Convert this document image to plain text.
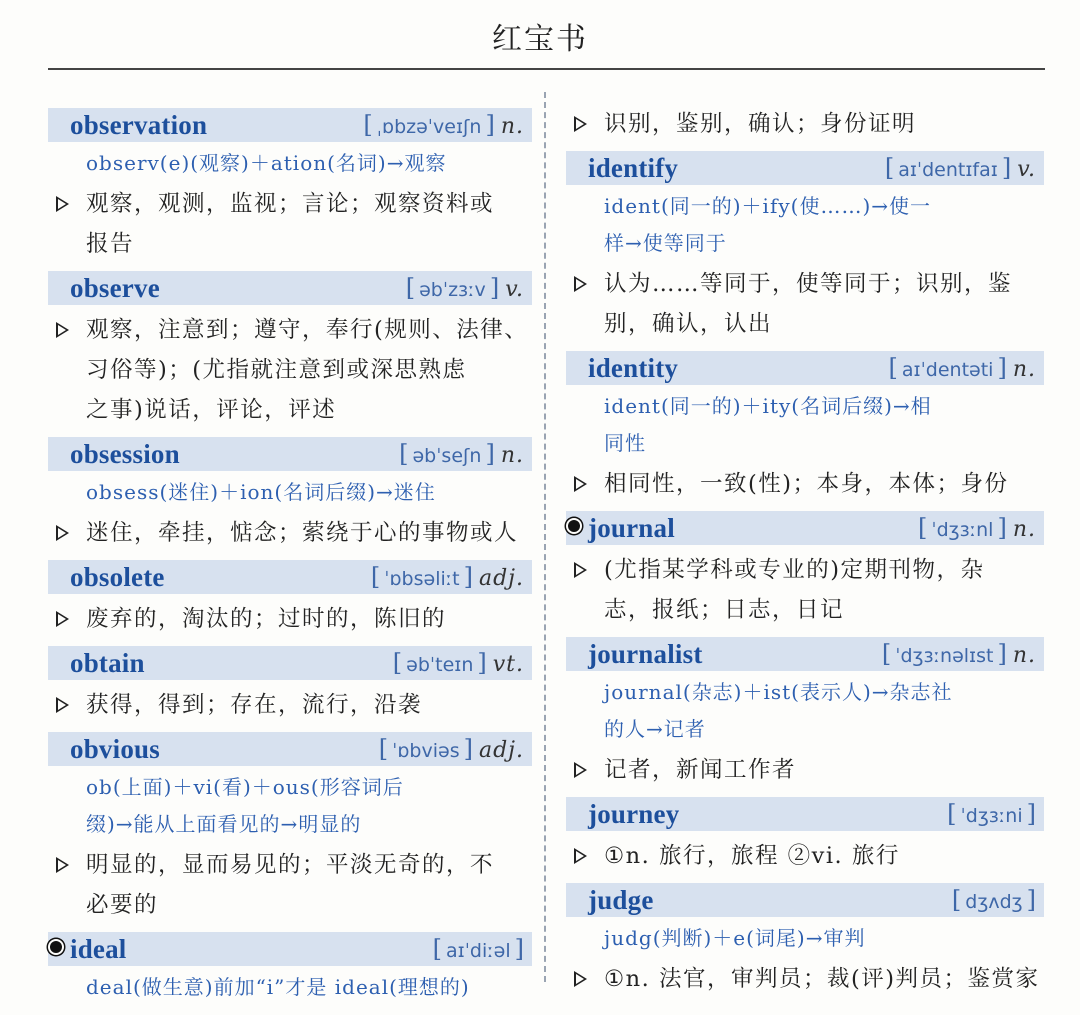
红宝书
observation	[ ˌɒbzəˈveɪʃn ] n.
observ(e)(观察)＋ation(名词)→观察
观察，观测，监视；言论；观察资料或
报告
observe	[ əbˈzɜːv ] v.
观察，注意到；遵守，奉行(规则、法律、
习俗等)；(尤指就注意到或深思熟虑
之事)说话，评论，评述
obsession	[ əbˈseʃn ] n.
obsess(迷住)＋ion(名词后缀)→迷住
迷住，牵挂，惦念；萦绕于心的事物或人
obsolete	[ ˈɒbsəliːt ] adj.
废弃的，淘汰的；过时的，陈旧的
obtain	[ əbˈteɪn ] vt.
获得，得到；存在，流行，沿袭
obvious	[ ˈɒbviəs ] adj.
ob(上面)＋vi(看)＋ous(形容词后
缀)→能从上面看见的→明显的
明显的，显而易见的；平淡无奇的，不
必要的
ideal	[ aɪˈdiːəl ]
deal(做生意)前加“i”才是 ideal(理想的)
识别，鉴别，确认；身份证明
identify	[ aɪˈdentɪfaɪ ] v.
ident(同一的)＋ify(使……)→使一
样→使等同于
认为……等同于，使等同于；识别，鉴
别，确认，认出
identity	[ aɪˈdentəti ] n.
ident(同一的)＋ity(名词后缀)→相
同性
相同性，一致(性)；本身，本体；身份
journal	[ ˈdʒɜːnl ] n.
(尤指某学科或专业的)定期刊物，杂
志，报纸；日志，日记
journalist	[ ˈdʒɜːnəlɪst ] n.
journal(杂志)＋ist(表示人)→杂志社
的人→记者
记者，新闻工作者
journey	[ ˈdʒɜːni ]
①n. 旅行，旅程 ②vi. 旅行
judge	[ dʒʌdʒ ]
judg(判断)＋e(词尾)→审判
①n. 法官，审判员；裁(评)判员；鉴赏家
